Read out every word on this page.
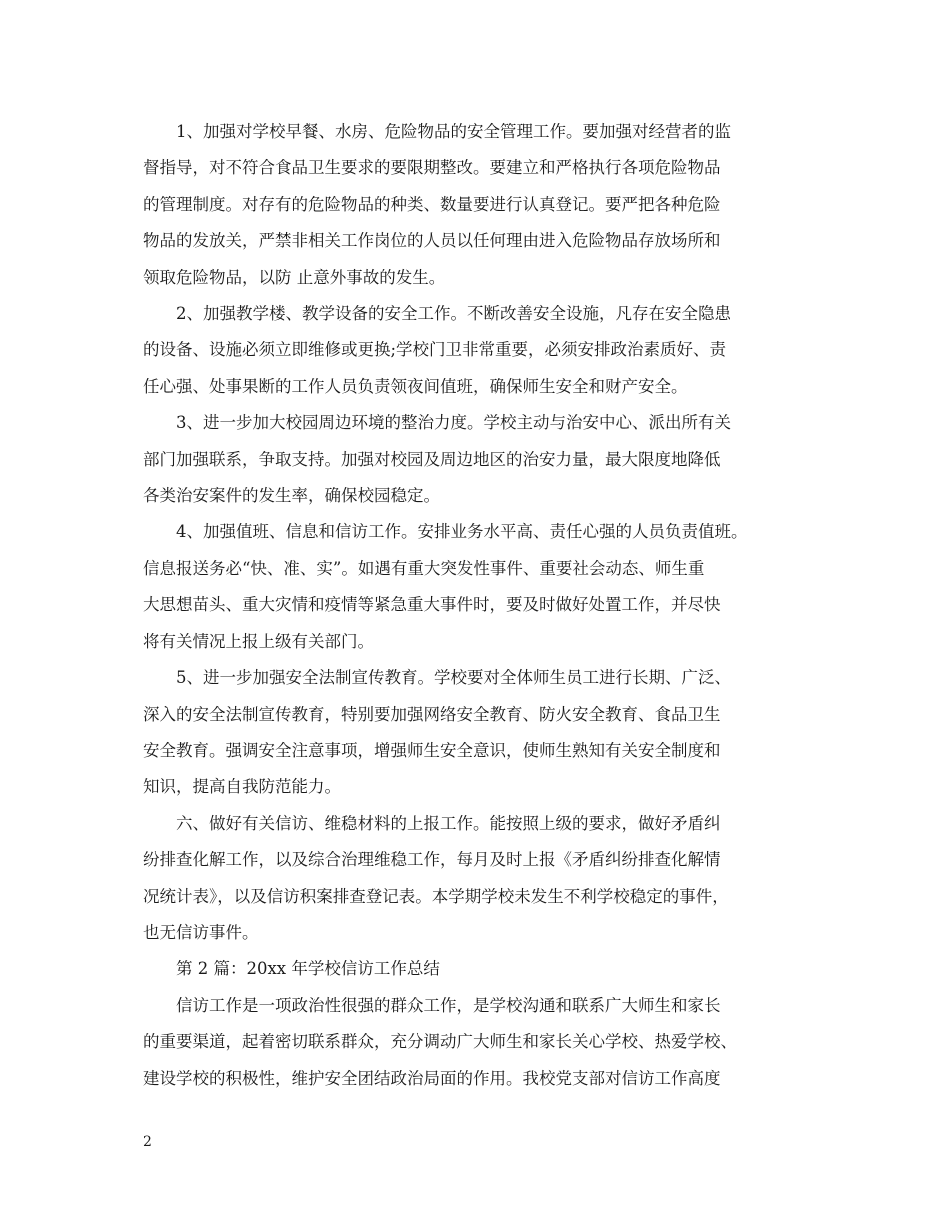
1、加强对学校早餐、水房、危险物品的安全管理工作。要加强对经营者的监
督指导，对不符合食品卫生要求的要限期整改。要建立和严格执行各项危险物品
的管理制度。对存有的危险物品的种类、数量要进行认真登记。要严把各种危险
物品的发放关，严禁非相关工作岗位的人员以任何理由进入危险物品存放场所和
领取危险物品，以防 止意外事故的发生。

2、加强教学楼、教学设备的安全工作。不断改善安全设施，凡存在安全隐患
的设备、设施必须立即维修或更换;学校门卫非常重要，必须安排政治素质好、责
任心强、处事果断的工作人员负责领夜间值班，确保师生安全和财产安全。

3、进一步加大校园周边环境的整治力度。学校主动与治安中心、派出所有关
部门加强联系，争取支持。加强对校园及周边地区的治安力量，最大限度地降低
各类治安案件的发生率，确保校园稳定。

4、加强值班、信息和信访工作。安排业务水平高、责任心强的人员负责值班。
信息报送务必“快、准、实”。如遇有重大突发性事件、重要社会动态、师生重
大思想苗头、重大灾情和疫情等紧急重大事件时，要及时做好处置工作，并尽快
将有关情况上报上级有关部门。

5、进一步加强安全法制宣传教育。学校要对全体师生员工进行长期、广泛、
深入的安全法制宣传教育，特别要加强网络安全教育、防火安全教育、食品卫生
安全教育。强调安全注意事项，增强师生安全意识，使师生熟知有关安全制度和
知识，提高自我防范能力。

六、做好有关信访、维稳材料的上报工作。能按照上级的要求，做好矛盾纠
纷排查化解工作，以及综合治理维稳工作，每月及时上报《矛盾纠纷排查化解情
况统计表》，以及信访积案排查登记表。本学期学校未发生不利学校稳定的事件，
也无信访事件。

第 2 篇：20xx 年学校信访工作总结

信访工作是一项政治性很强的群众工作，是学校沟通和联系广大师生和家长
的重要渠道，起着密切联系群众，充分调动广大师生和家长关心学校、热爱学校、
建设学校的积极性，维护安全团结政治局面的作用。我校党支部对信访工作高度

2
